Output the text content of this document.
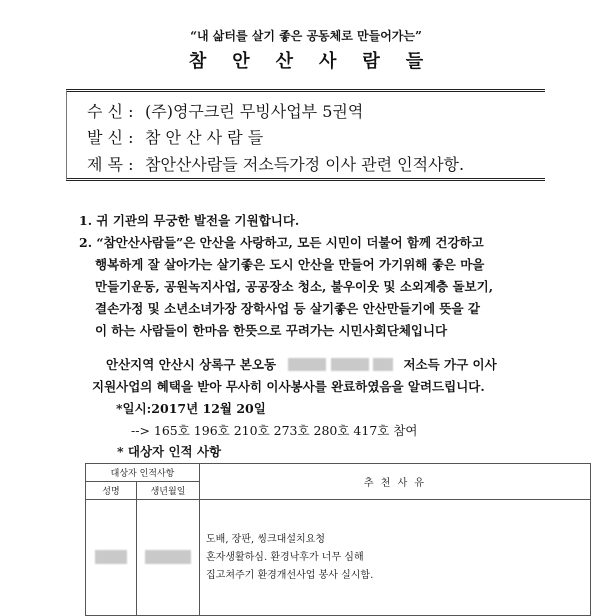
“내 삶터를 살기 좋은 공동체로 만들어가는”
참안산사람들
수 신 : (주)영구크린 무빙사업부 5권역
발 신 : 참 안 산 사 람 들
제 목 : 참안산사람들 저소득가정 이사 관련 인적사항.
1. 귀 기관의 무궁한 발전을 기원합니다.
2. “참안산사람들”은 안산을 사랑하고, 모든 시민이 더불어 함께 건강하고
행복하게 잘 살아가는 살기좋은 도시 안산을 만들어 가기위해 좋은 마을
만들기운동, 공원녹지사업, 공공장소 청소, 불우이웃 및 소외계층 돌보기,
결손가정 및 소년소녀가장 장학사업 등 살기좋은 안산만들기에 뜻을 같
이 하는 사람들이 한마음 한뜻으로 꾸려가는 시민사회단체입니다
안산지역 안산시 상록구 본오동	저소득 가구 이사
지원사업의 혜택을 받아 무사히 이사봉사를 완료하였음을 알려드립니다.
*일시:2017년 12월 20일
--> 165호 196호 210호 273호 280호 417호 참여
* 대상자 인적 사항
대상자 인적사항		추 천 사 유
성명	생년월일	

		도배, 장판, 씽크대설치요청
혼자생활하심. 환경낙후가 너무 심해
집고쳐주기 환경개선사업 봉사 실시함.
